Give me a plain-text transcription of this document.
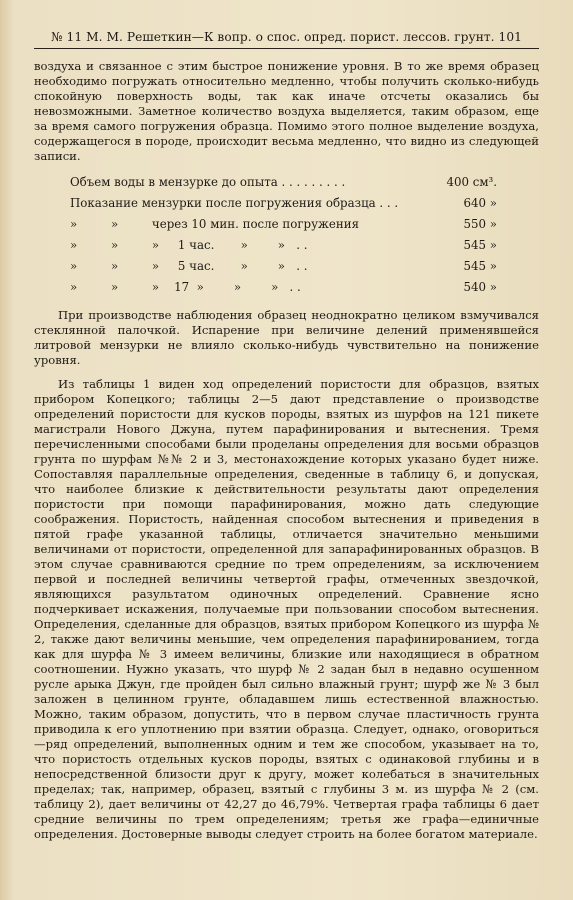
№ 11 М. М. Решеткин—К вопр. о спос. опред. порист. лессов. грунт. 101

воздуха и связанное с этим быстрое понижение уровня. В то же время образец необходимо погружать относительно медленно, чтобы получить сколько-нибудь спокойную поверхность воды, так как иначе отсчеты оказались бы невозможными. Заметное количество воздуха выделяется, таким образом, еще за время самого погружения образца. Помимо этого полное выделение воздуха, содержащегося в породе, происходит весьма медленно, что видно из следующей записи.

Объем воды в мензурке до опыта . . . . . . . . .	400 см³.
Показание мензурки после погружения образца . . .	640 »
»         »         через 10 мин. после погружения	550 »
»         »         »     1 час.       »        »   . .	545 »
»         »         »     5 час.       »        »   . .	545 »
»         »         »    17  »        »        »   . .	540 »

При производстве наблюдения образец неоднократно целиком взмучивался стеклянной палочкой. Испарение при величине делений применявшейся литровой мензурки не влияло сколько-нибудь чувствительно на понижение уровня.

Из таблицы 1 виден ход определений пористости для образцов, взятых прибором Копецкого; таблицы 2—5 дают представление о производстве определений пористости для кусков породы, взятых из шурфов на 121 пикете магистрали Нового Джуна, путем парафинирования и вытеснения. Тремя перечисленными способами были проделаны определения для восьми образцов грунта по шурфам №№ 2 и 3, местонахождение которых указано будет ниже. Сопоставляя параллельные определения, сведенные в таблицу 6, и допуская, что наиболее близкие к действительности результаты дают определения пористости при помощи парафинирования, можно дать следующие соображения. Пористость, найденная способом вытеснения и приведения в пятой графе указанной таблицы, отличается значительно меньшими величинами от пористости, определенной для запарафинированных образцов. В этом случае сравниваются средние по трем определениям, за исключением первой и последней величины четвертой графы, отмеченных звездочкой, являющихся разультатом одиночных определений. Сравнение ясно подчеркивает искажения, получаемые при пользовании способом вытеснения. Определения, сделанные для образцов, взятых прибором Копецкого из шурфа № 2, также дают величины меньшие, чем определения парафинированием, тогда как для шурфа № 3 имеем величины, близкие или находящиеся в обратном соотношении. Нужно указать, что шурф № 2 задан был в недавно осушенном русле арыка Джун, где пройден был сильно влажный грунт; шурф же № 3 был заложен в целинном грунте, обладавшем лишь естественной влажностью. Можно, таким образом, допустить, что в первом случае пластичность грунта приводила к его уплотнению при взятии образца. Следует, однако, оговориться—ряд определений, выполненных одним и тем же способом, указывает на то, что пористость отдельных кусков породы, взятых с одинаковой глубины и в непосредственной близости друг к другу, может колебаться в значительных пределах; так, например, образец, взятый с глубины 3 м. из шурфа № 2 (см. таблицу 2), дает величины от 42,27 до 46,79%. Четвертая графа таблицы 6 дает средние величины по трем определениям; третья же графа—единичные определения. Достоверные выводы следует строить на более богатом материале.
